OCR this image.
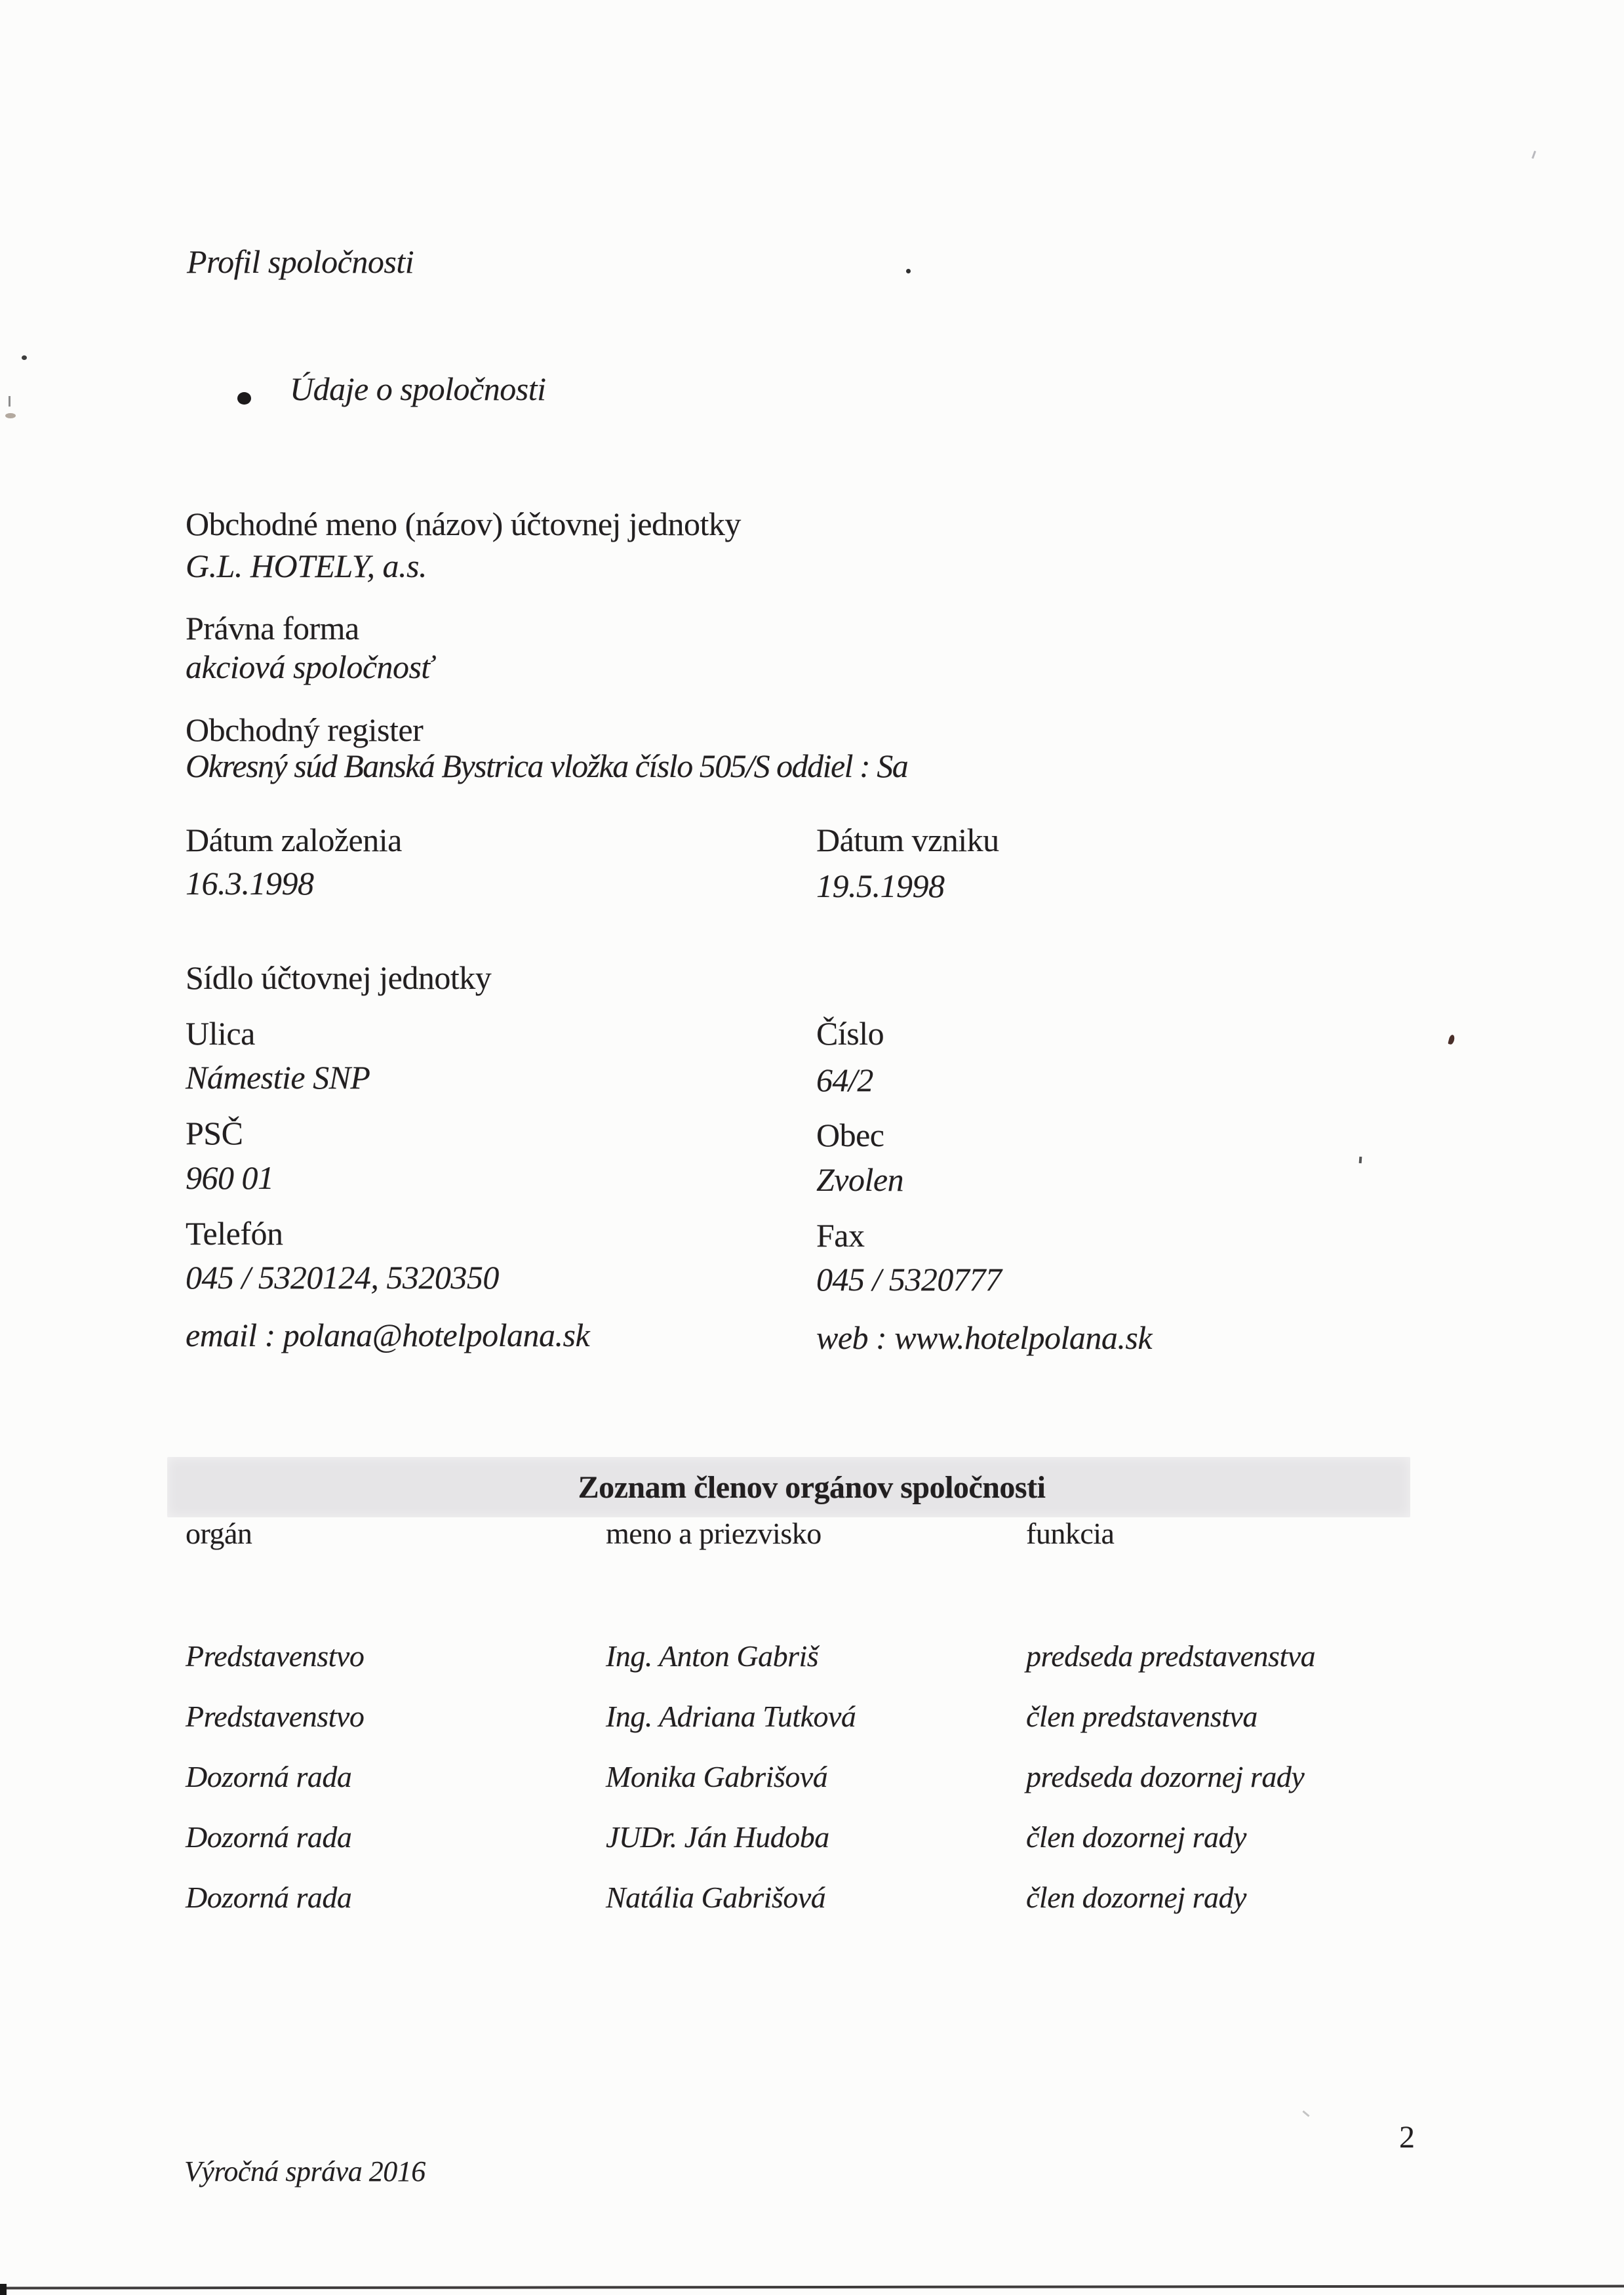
Profil spoločnosti
Údaje o spoločnosti
Obchodné meno (názov) účtovnej jednotky
G.L. HOTELY, a.s.
Právna forma
akciová spoločnosť
Obchodný register
Okresný súd Banská Bystrica vložka číslo 505/S oddiel : Sa
Dátum založenia	Dátum vzniku
16.3.1998	19.5.1998
Sídlo účtovnej jednotky
Ulica	Číslo
Námestie SNP	64/2
PSČ	Obec
960 01	Zvolen
Telefón	Fax
045 / 5320124, 5320350	045 / 5320777
email : polana@hotelpolana.sk	web : www.hotelpolana.sk
Zoznam členov orgánov spoločnosti
orgán	meno a priezvisko	funkcia
Predstavenstvo	Ing. Anton Gabriš	predseda predstavenstva
Predstavenstvo	Ing. Adriana Tutková	člen predstavenstva
Dozorná rada	Monika Gabrišová	predseda dozornej rady
Dozorná rada	JUDr. Ján Hudoba	člen dozornej rady
Dozorná rada	Natália Gabrišová	člen dozornej rady
Výročná správa 2016
2
